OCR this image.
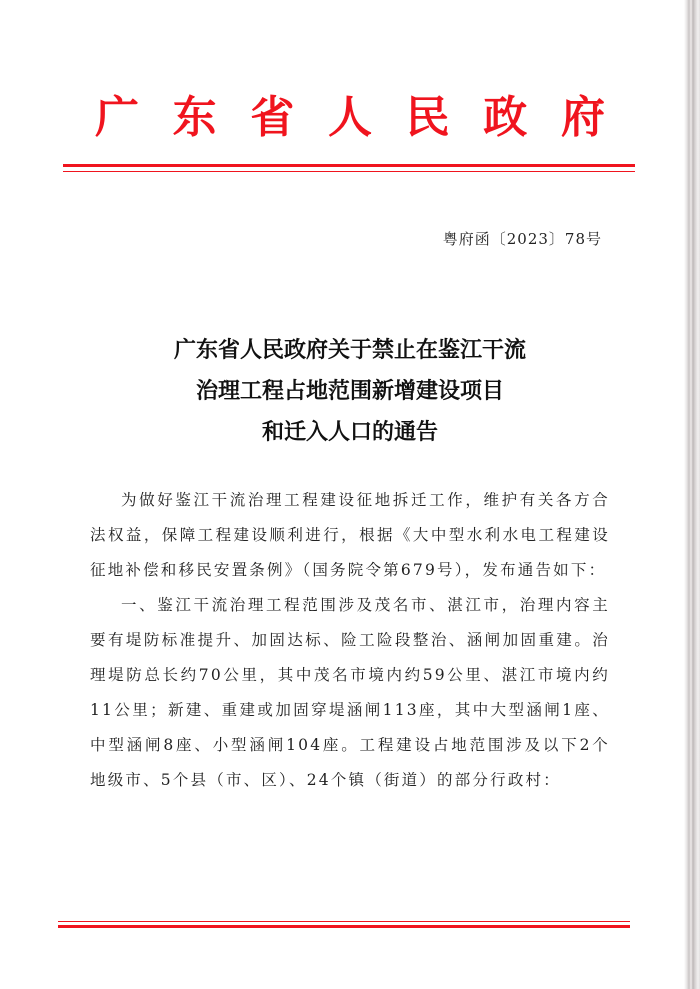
广 东 省 人 民 政 府
粤府函〔2023〕78号
广东省人民政府关于禁止在鉴江干流
治理工程占地范围新增建设项目
和迁入人口的通告

为做好鉴江干流治理工程建设征地拆迁工作，维护有关各方合法权益，保障工程建设顺利进行，根据《大中型水利水电工程建设征地补偿和移民安置条例》（国务院令第679号），发布通告如下：

一、鉴江干流治理工程范围涉及茂名市、湛江市，治理内容主要有堤防标准提升、加固达标、险工险段整治、涵闸加固重建。治理堤防总长约70公里，其中茂名市境内约59公里、湛江市境内约11公里；新建、重建或加固穿堤涵闸113座，其中大型涵闸1座、中型涵闸8座、小型涵闸104座。工程建设占地范围涉及以下2个地级市、5个县（市、区）、24个镇（街道）的部分行政村：
